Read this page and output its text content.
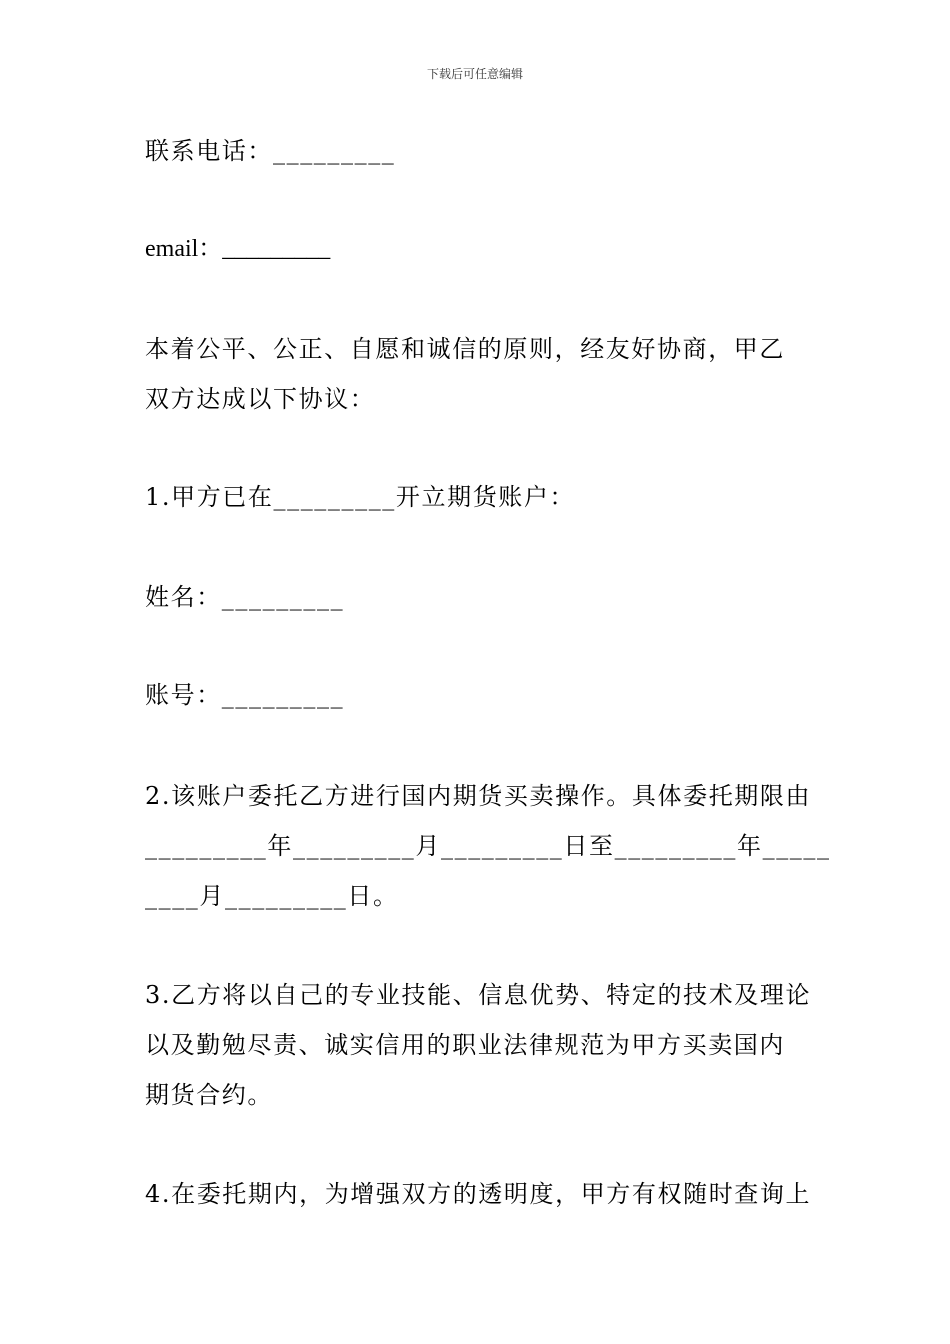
下载后可任意编辑

联系电话：_________

email：_________

本着公平、公正、自愿和诚信的原则，经友好协商，甲乙
双方达成以下协议：

1.甲方已在_________开立期货账户：

姓名：_________

账号：_________

2.该账户委托乙方进行国内期货买卖操作。具体委托期限由
_________年_________月_________日至_________年_____
____月_________日。
3.乙方将以自己的专业技能、信息优势、特定的技术及理论
以及勤勉尽责、诚实信用的职业法律规范为甲方买卖国内
期货合约。
4.在委托期内，为增强双方的透明度，甲方有权随时查询上
